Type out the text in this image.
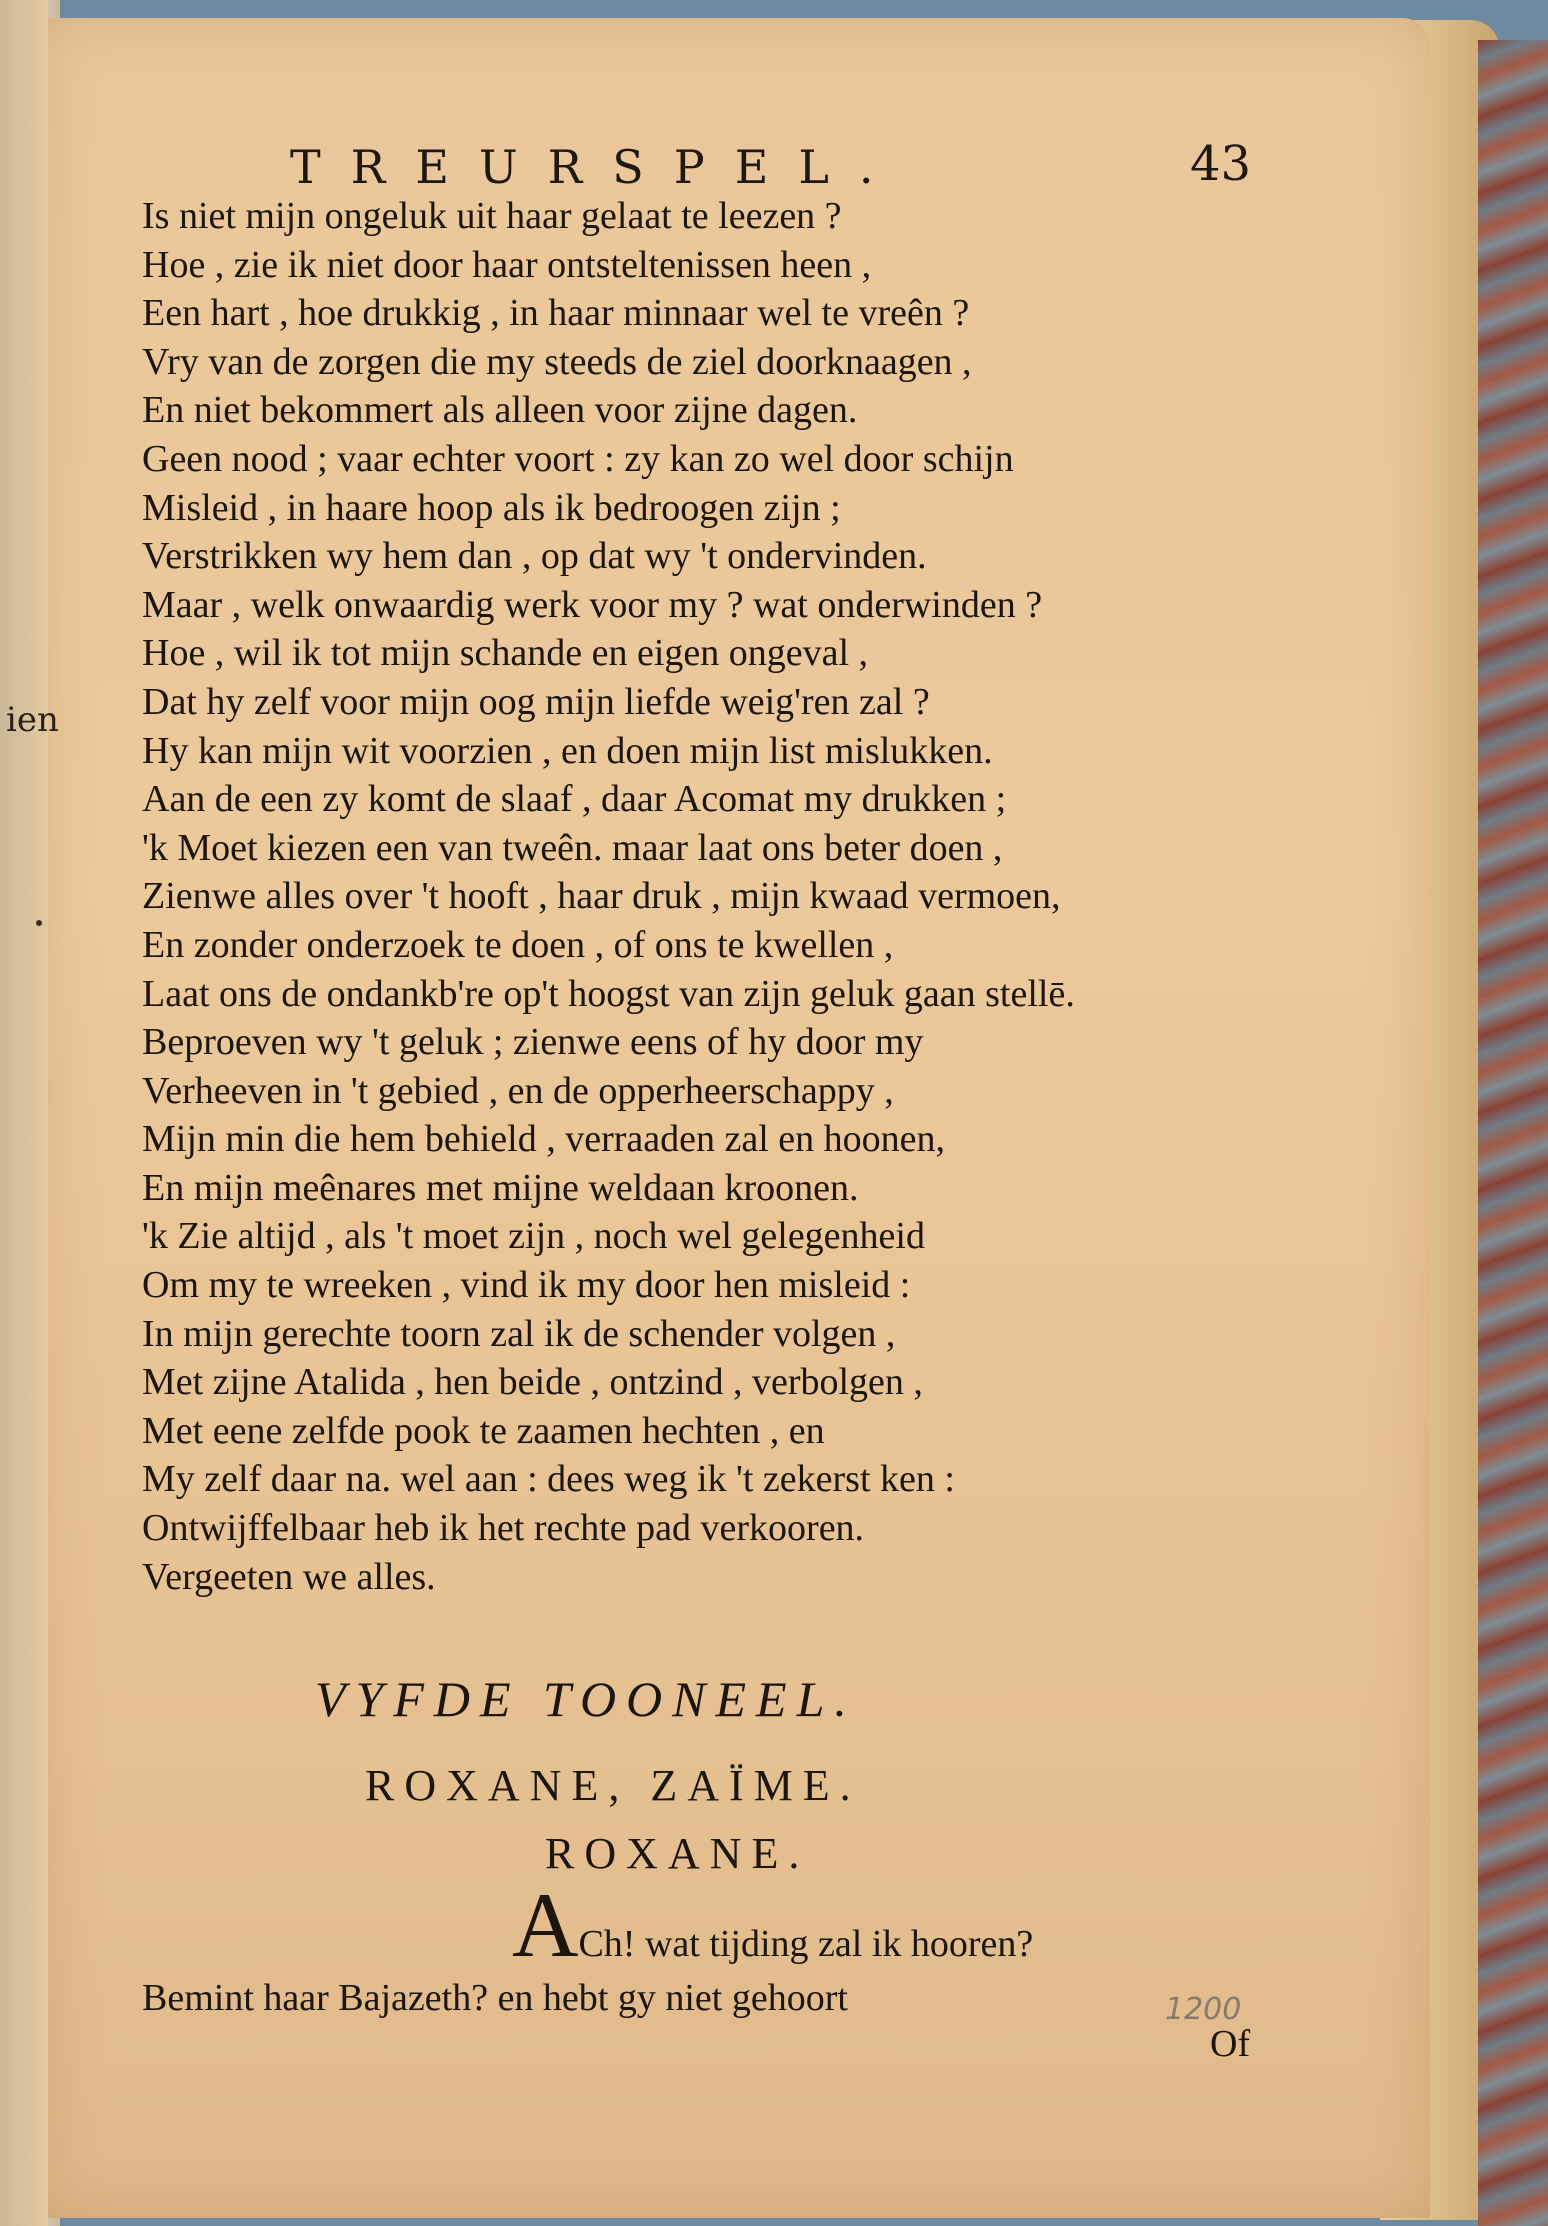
ien
TREURSPEL.	43
Is niet mijn ongeluk uit haar gelaat te leezen ?
Hoe , zie ik niet door haar ontsteltenissen heen ,
Een hart , hoe drukkig , in haar minnaar wel te vreên ?
Vry van de zorgen die my steeds de ziel doorknaagen ,
En niet bekommert als alleen voor zijne dagen.
Geen nood ; vaar echter voort : zy kan zo wel door schijn
Misleid , in haare hoop als ik bedroogen zijn ;
Verstrikken wy hem dan , op dat wy 't ondervinden.
Maar , welk onwaardig werk voor my ? wat onderwinden ?
Hoe , wil ik tot mijn schande en eigen ongeval ,
Dat hy zelf voor mijn oog mijn liefde weig'ren zal ?
Hy kan mijn wit voorzien , en doen mijn list mislukken.
Aan de een zy komt de slaaf , daar Acomat my drukken ;
'k Moet kiezen een van tweên. maar laat ons beter doen ,
Zienwe alles over 't hooft , haar druk , mijn kwaad vermoen,
En zonder onderzoek te doen , of ons te kwellen ,
Laat ons de ondankb're op't hoogst van zijn geluk gaan stellē.
Beproeven wy 't geluk ; zienwe eens of hy door my
Verheeven in 't gebied , en de opperheerschappy ,
Mijn min die hem behield , verraaden zal en hoonen,
En mijn meênares met mijne weldaan kroonen.
'k Zie altijd , als 't moet zijn , noch wel gelegenheid
Om my te wreeken , vind ik my door hen misleid :
In mijn gerechte toorn zal ik de schender volgen ,
Met zijne Atalida , hen beide , ontzind , verbolgen ,
Met eene zelfde pook te zaamen hechten , en
My zelf daar na. wel aan : dees weg ik 't zekerst ken :
Ontwijffelbaar heb ik het rechte pad verkooren.
Vergeeten we alles.
VYFDE TOONEEL.
ROXANE, ZAÏME.
ROXANE.
ACh! wat tijding zal ik hooren?
Bemint haar Bajazeth? en hebt gy niet gehoort	1200
Of
